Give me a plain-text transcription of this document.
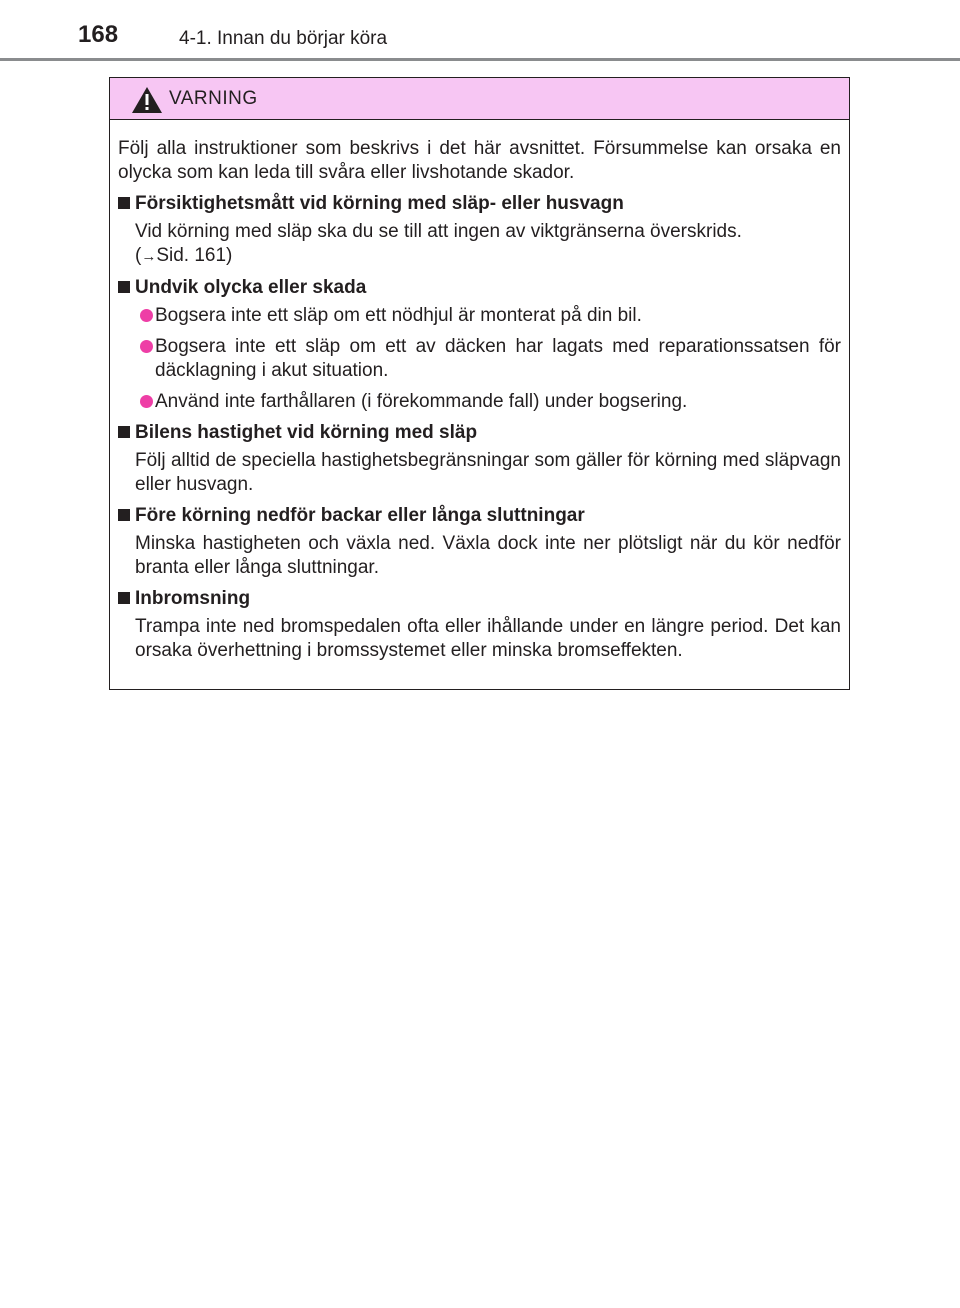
168	4-1. Innan du börjar köra
VARNING

Följ alla instruktioner som beskrivs i det här avsnittet. Försummelse kan orsaka en olycka som kan leda till svåra eller livshotande skador.

Försiktighetsmått vid körning med släp- eller husvagn

Vid körning med släp ska du se till att ingen av viktgränserna överskrids.
(→Sid. 161)

Undvik olycka eller skada

Bogsera inte ett släp om ett nödhjul är monterat på din bil.

Bogsera inte ett släp om ett av däcken har lagats med reparationssatsen för däcklagning i akut situation.

Använd inte farthållaren (i förekommande fall) under bogsering.

Bilens hastighet vid körning med släp

Följ alltid de speciella hastighetsbegränsningar som gäller för körning med släpvagn eller husvagn.

Före körning nedför backar eller långa sluttningar

Minska hastigheten och växla ned. Växla dock inte ner plötsligt när du kör nedför branta eller långa sluttningar.

Inbromsning

Trampa inte ned bromspedalen ofta eller ihållande under en längre period. Det kan orsaka överhettning i bromssystemet eller minska bromseffekten.
